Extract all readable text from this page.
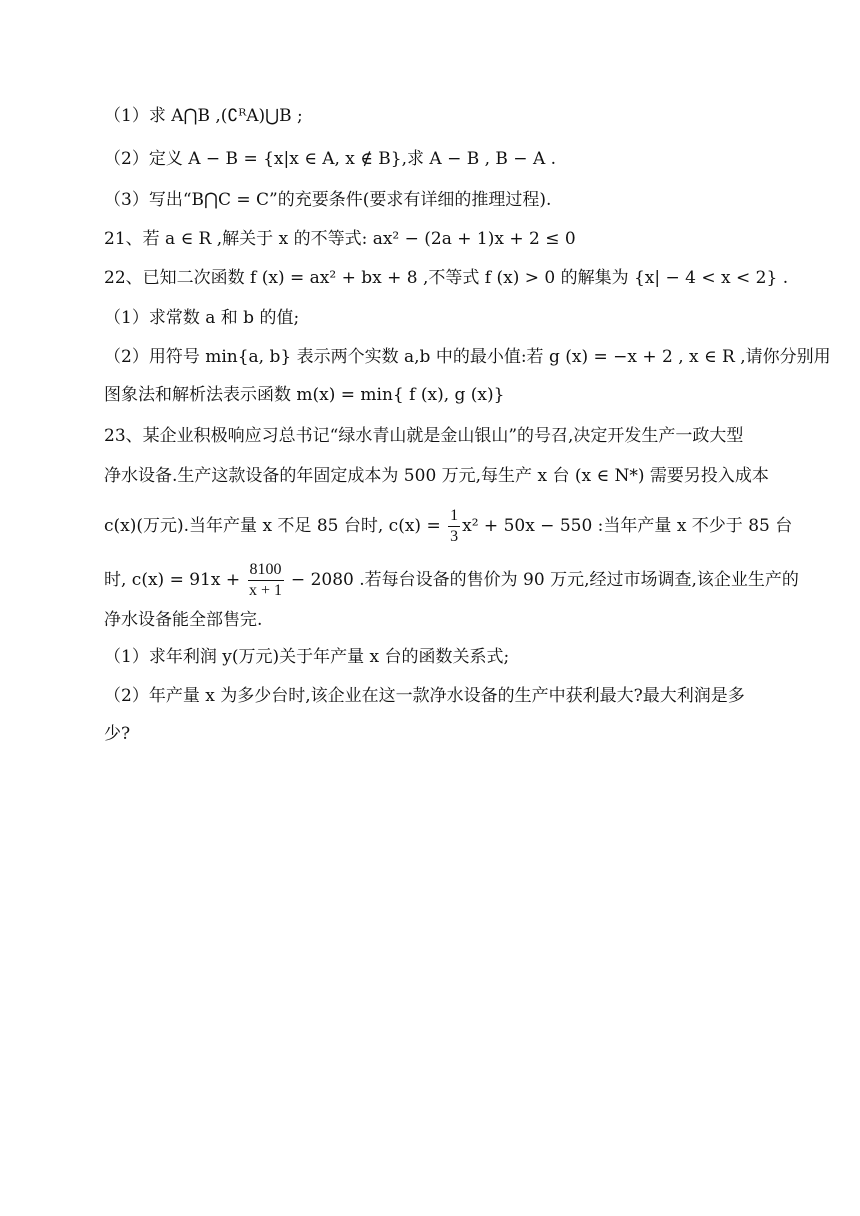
（1）求 A⋂B ,(∁ᴿA)⋃B ;
（2）定义 A − B = {x|x ∈ A, x ∉ B},求 A − B , B − A .
（3）写出“B⋂C = C”的充要条件(要求有详细的推理过程).
21、若 a ∈ R ,解关于 x 的不等式: ax² − (2a + 1)x + 2 ≤ 0
22、已知二次函数 f (x) = ax² + bx + 8 ,不等式 f (x) > 0 的解集为 {x| − 4 < x < 2} .
（1）求常数 a 和 b 的值;
（2）用符号 min{a, b} 表示两个实数 a,b 中的最小值:若 g (x) = −x + 2 , x ∈ R ,请你分别用
图象法和解析法表示函数 m(x) = min{ f (x), g (x)}
23、某企业积极响应习总书记“绿水青山就是金山银山”的号召,决定开发生产一政大型
净水设备.生产这款设备的年固定成本为 500 万元,每生产 x 台 (x ∈ N*) 需要另投入成本
c(x)(万元).当年产量 x 不足 85 台时, $c(x) = \frac{1}{3} x^2 + 50x - 550$ :当年产量 x 不少于 85 台
时, $c(x) = 91x + \frac{8100}{x + 1} - 2080$ .若每台设备的售价为 90 万元,经过市场调查,该企业生产的
净水设备能全部售完.
（1）求年利润 y(万元)关于年产量 x 台的函数关系式;
（2）年产量 x 为多少台时,该企业在这一款净水设备的生产中获利最大?最大利润是多
少?
